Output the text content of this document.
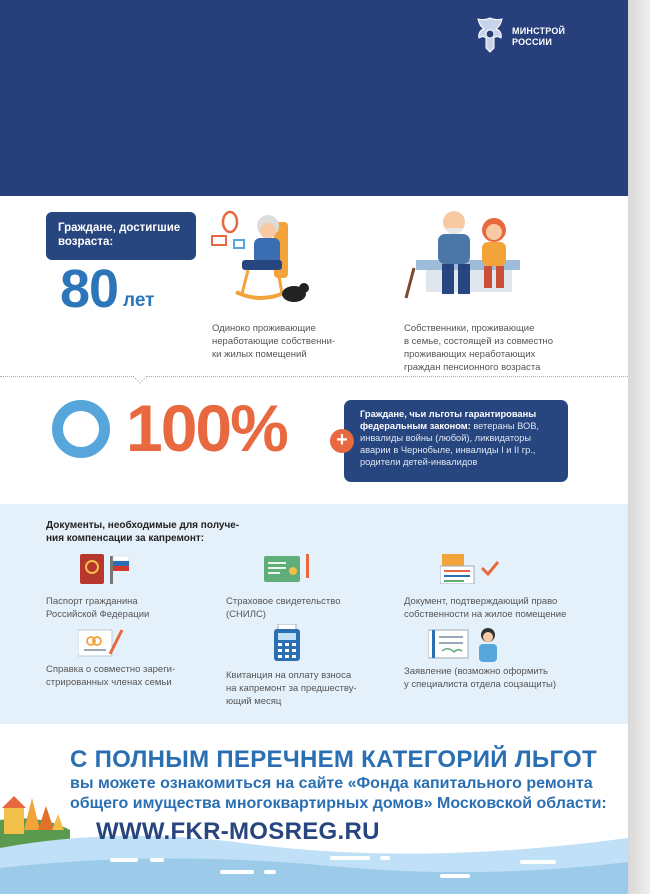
МИНСТРОЙ
РОССИИ
Граждане, достигшие
возраста:
80 лет
Одиноко проживающие
неработающие собственни-
ки жилых помещений
Собственники, проживающие
в семье, состоящей из совместно
проживающих неработающих
граждан пенсионного возраста
100%	Граждане, чьи льготы гарантированы
федеральным законом: ветераны ВОВ,
инвалиды войны (любой), ликвидаторы
аварии в Чернобыле, инвалиды I и II гр.,
родители детей-инвалидов
+
Документы, необходимые для получе-
ния компенсации за капремонт:
Паспорт гражданина
Российской Федерации
Страховое свидетельство
(СНИЛС)
Документ, подтверждающий право
собственности на жилое помещение
Справка о совместно зареги-
стрированных членах семьи
Квитанция на оплату взноса
на капремонт за предшеству-
ющий месяц
Заявление (возможно оформить
у специалиста отдела соцзащиты)
С ПОЛНЫМ ПЕРЕЧНЕМ КАТЕГОРИЙ ЛЬГОТ
вы можете ознакомиться на сайте «Фонда капитального ремонта
общего имущества многоквартирных домов» Московской области:
WWW.FKR-MOSREG.RU
